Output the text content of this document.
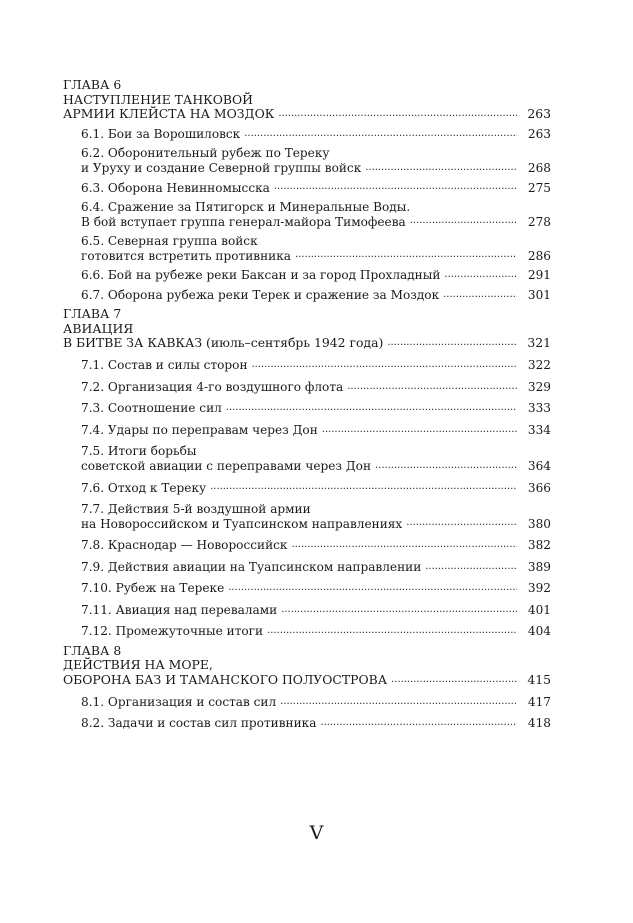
ГЛАВА 6
НАСТУПЛЕНИЕ ТАНКОВОЙ
АРМИИ КЛЕЙСТА НА МОЗДОК . . .	263
6.1. Бои за Ворошиловск . . .	263
6.2. Оборонительный рубеж по Тереку
и Уруху и создание Северной группы войск . . .	268
6.3. Оборона Невинномысска . . .	275
6.4. Сражение за Пятигорск и Минеральные Воды.
В бой вступает группа генерал-майора Тимофеева . . .	278
6.5. Северная группа войск
готовится встретить противника . . .	286
6.6. Бой на рубеже реки Баксан и за город Прохладный . . .	291
6.7. Оборона рубежа реки Терек и сражение за Моздок . . .	301
ГЛАВА 7
АВИАЦИЯ
В БИТВЕ ЗА КАВКАЗ (июль–сентябрь 1942 года) . . .	321
7.1. Состав и силы сторон . . .	322
7.2. Организация 4-го воздушного флота . . .	329
7.3. Соотношение сил . . .	333
7.4. Удары по переправам через Дон . . .	334
7.5. Итоги борьбы
советской авиации с переправами через Дон . . .	364
7.6. Отход к Тереку . . .	366
7.7. Действия 5-й воздушной армии
на Новороссийском и Туапсинском направлениях . . .	380
7.8. Краснодар — Новороссийск . . .	382
7.9. Действия авиации на Туапсинском направлении . . .	389
7.10. Рубеж на Тереке . . .	392
7.11. Авиация над перевалами . . .	401
7.12. Промежуточные итоги . . .	404
ГЛАВА 8
ДЕЙСТВИЯ НА МОРЕ,
ОБОРОНА БАЗ И ТАМАНСКОГО ПОЛУОСТРОВА . . .	415
8.1. Организация и состав сил . . .	417
8.2. Задачи и состав сил противника . . .	418
V
